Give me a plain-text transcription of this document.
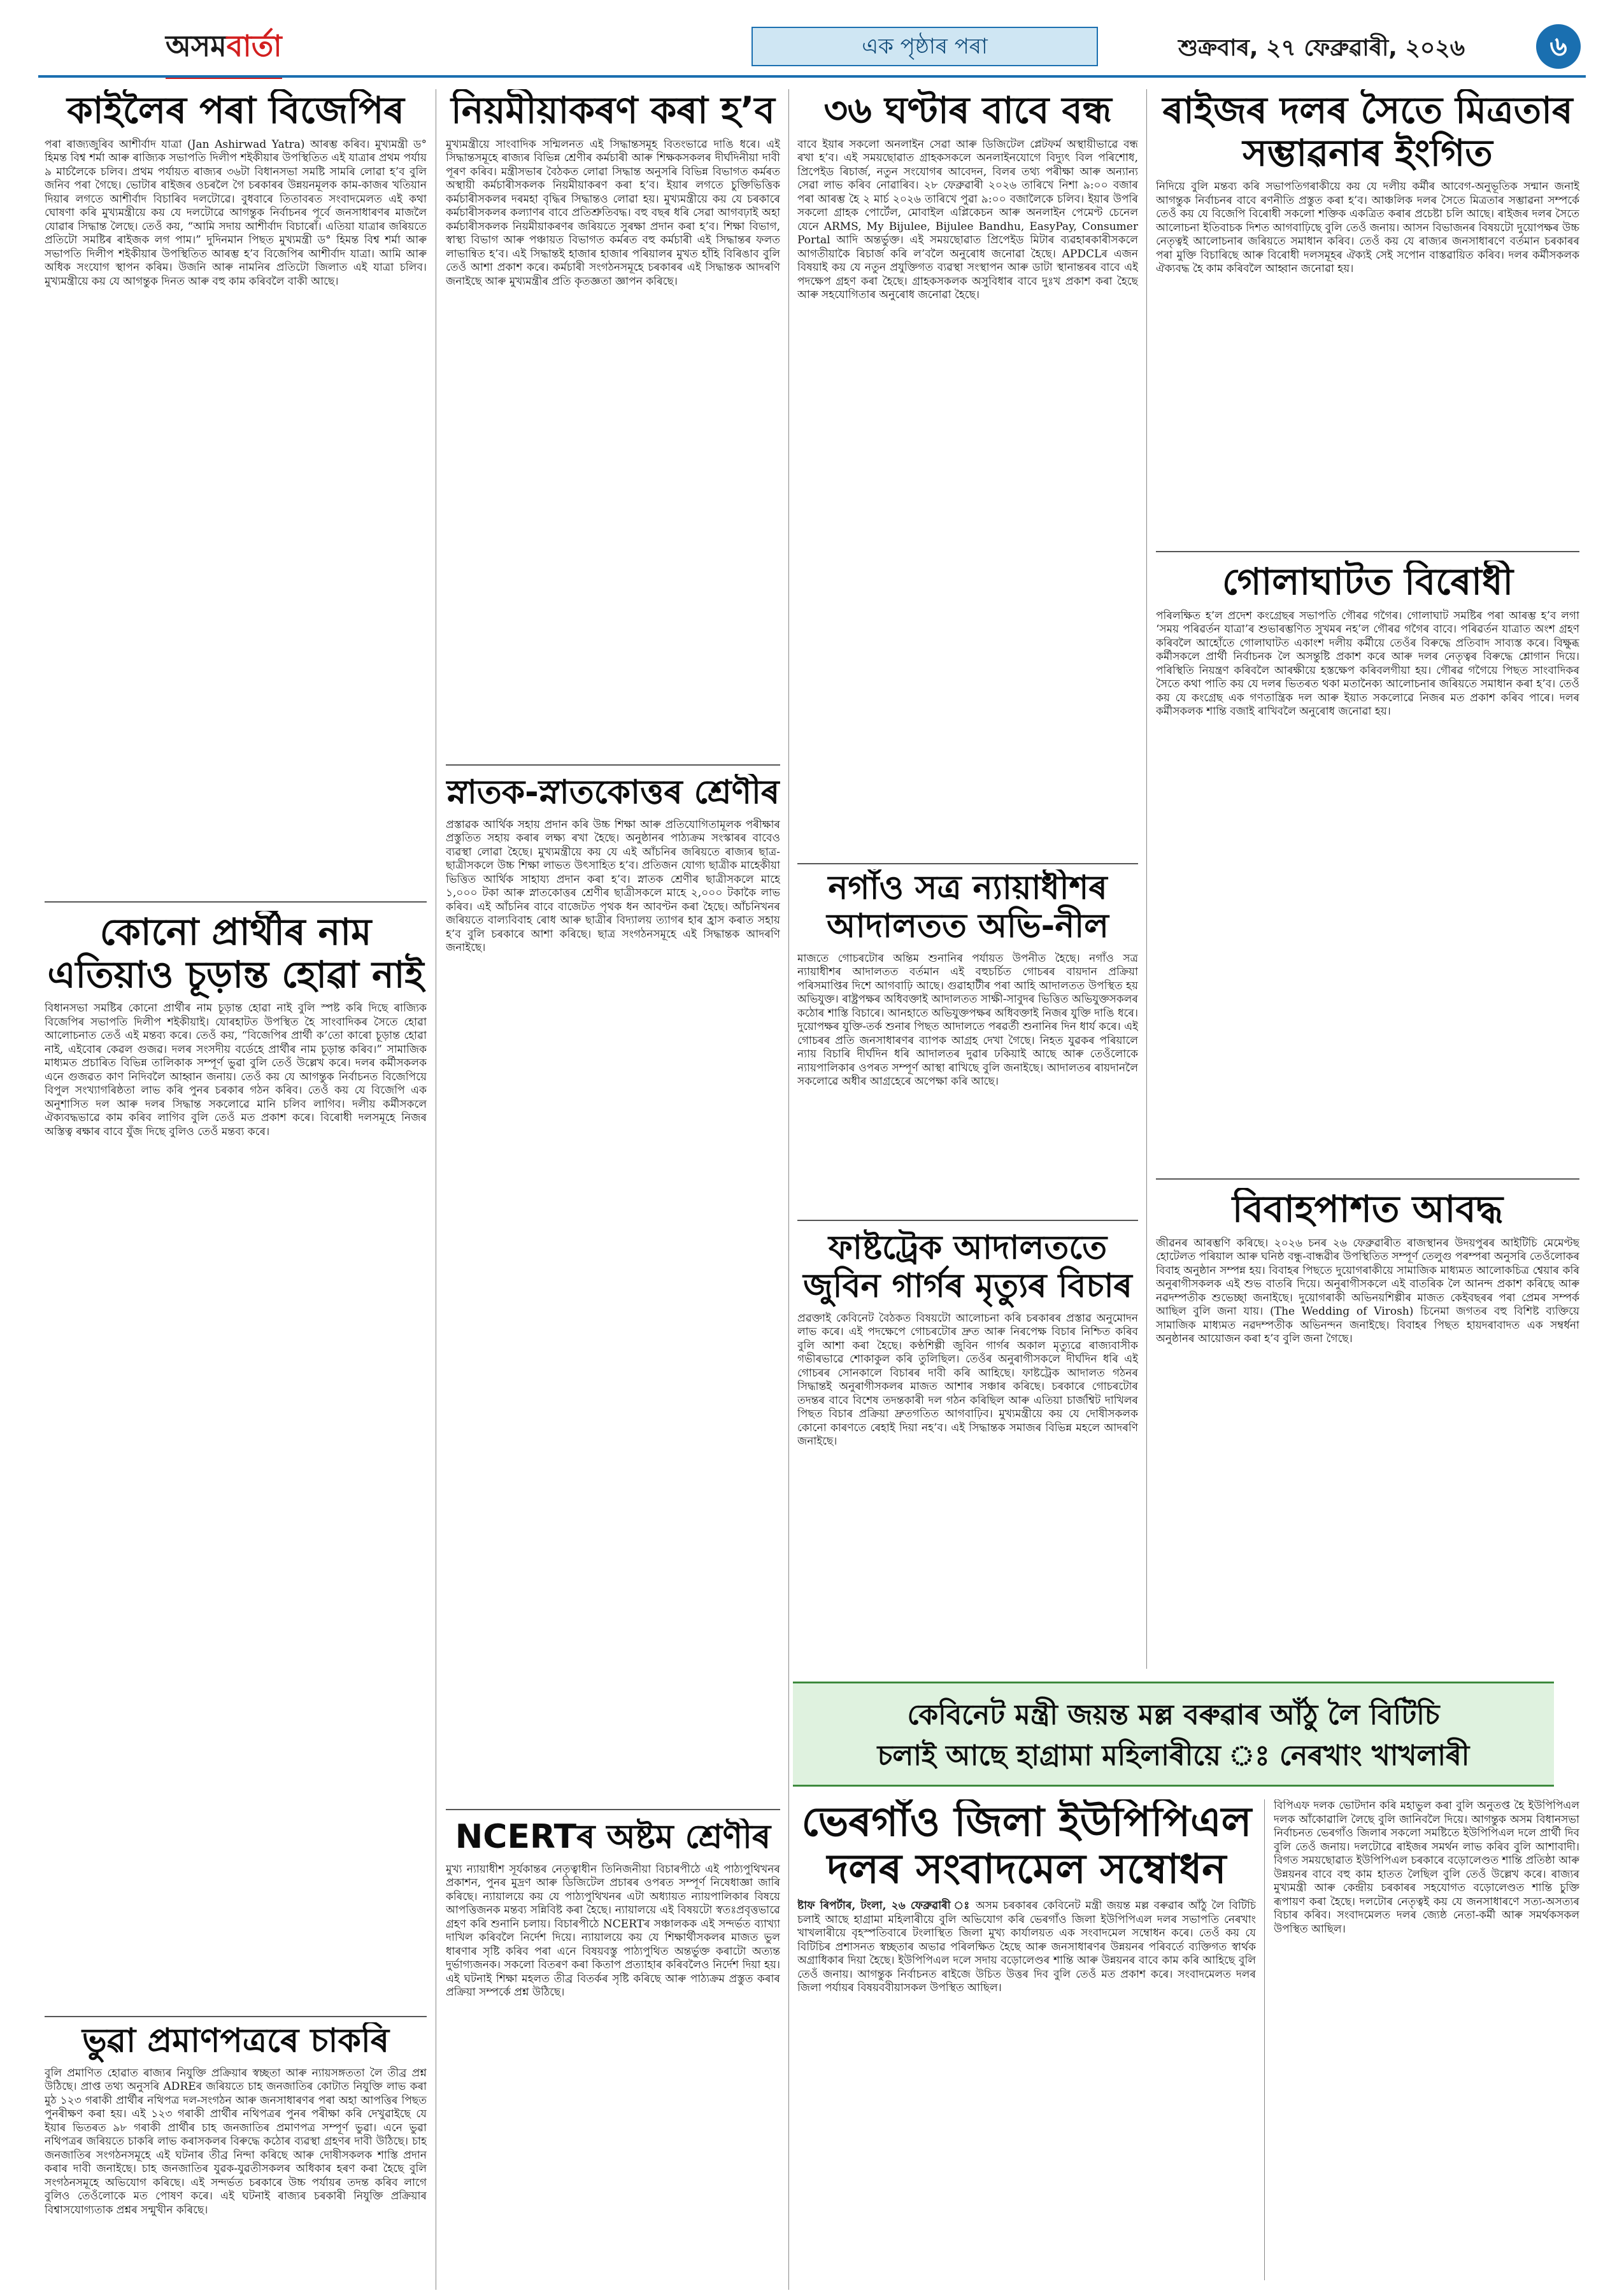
অসমবাৰ্তা	এক পৃষ্ঠাৰ পৰা	শুক্ৰবাৰ, ২৭ ফেব্ৰুৱাৰী, ২০২৬	৬
কাইলৈৰ পৰা বিজেপিৰ

পৰা ৰাজ্যজুৰিব আশীৰ্বাদ যাত্ৰা (Jan Ashirwad Yatra) আৰম্ভ কৰিব। মুখ্যমন্ত্ৰী ড° হিমন্ত বিশ্ব শৰ্মা আৰু ৰাজ্যিক সভাপতি দিলীপ শইকীয়াৰ উপস্থিতিত এই যাত্ৰাৰ প্ৰথম পৰ্যায় ৯ মাৰ্চলৈকে চলিব। প্ৰথম পৰ্যায়ত ৰাজ্যৰ ৩৬টা বিধানসভা সমষ্টি সামৰি লোৱা হ’ব বুলি জনিব পৰা গৈছে। ভোটাৰ ৰাইজৰ ওচৰলৈ গৈ চৰকাৰৰ উন্নয়নমূলক কাম-কাজৰ খতিয়ান দিয়াৰ লগতে আশীৰ্বাদ বিচাৰিব দলটোৱে। বুধবাৰে তিতাবৰত সংবাদমেলত এই কথা ঘোষণা কৰি মুখ্যমন্ত্ৰীয়ে কয় যে দলটোৱে আগন্তুক নিৰ্বাচনৰ পূৰ্বে জনসাধাৰণৰ মাজলৈ যোৱাৰ সিদ্ধান্ত লৈছে। তেওঁ কয়, “আমি সদায় আশীৰ্বাদ বিচাৰোঁ। এতিয়া যাত্ৰাৰ জৰিয়তে প্ৰতিটো সমষ্টিৰ ৰাইজক লগ পাম।” দুদিনমান পিছত মুখ্যমন্ত্ৰী ড° হিমন্ত বিশ্ব শৰ্মা আৰু সভাপতি দিলীপ শইকীয়াৰ উপস্থিতিত আৰম্ভ হ’ব বিজেপিৰ আশীৰ্বাদ যাত্ৰা। আমি আৰু অধিক সংযোগ স্থাপন কৰিম। উজনি আৰু নামনিৰ প্ৰতিটো জিলাত এই যাত্ৰা চলিব। মুখ্যমন্ত্ৰীয়ে কয় যে আগন্তুক দিনত আৰু বহু কাম কৰিবলৈ বাকী আছে।

কোনো প্ৰাৰ্থীৰ নাম এতিয়াও চূড়ান্ত হোৱা নাই

বিধানসভা সমষ্টিৰ কোনো প্ৰাৰ্থীৰ নাম চূড়ান্ত হোৱা নাই বুলি স্পষ্ট কৰি দিছে ৰাজ্যিক বিজেপিৰ সভাপতি দিলীপ শইকীয়াই। যোৰহাটত উপস্থিত হৈ সাংবাদিকৰ সৈতে হোৱা আলোচনাত তেওঁ এই মন্তব্য কৰে। তেওঁ কয়, “বিজেপিৰ প্ৰাৰ্থী ক’তো কাৰো চূড়ান্ত হোৱা নাই, এইবোৰ কেৱল গুজৱ। দলৰ সংসদীয় বৰ্ডেহে প্ৰাৰ্থীৰ নাম চূড়ান্ত কৰিব।” সামাজিক মাধ্যমত প্ৰচাৰিত বিভিন্ন তালিকাক সম্পূৰ্ণ ভুৱা বুলি তেওঁ উল্লেখ কৰে। দলৰ কৰ্মীসকলক এনে গুজৱত কাণ নিদিবলৈ আহ্বান জনায়। তেওঁ কয় যে আগন্তুক নিৰ্বাচনত বিজেপিয়ে বিপুল সংখ্যাগৰিষ্ঠতা লাভ কৰি পুনৰ চৰকাৰ গঠন কৰিব। তেওঁ কয় যে বিজেপি এক অনুশাসিত দল আৰু দলৰ সিদ্ধান্ত সকলোৱে মানি চলিব লাগিব। দলীয় কৰ্মীসকলে ঐক্যবদ্ধভাৱে কাম কৰিব লাগিব বুলি তেওঁ মত প্ৰকাশ কৰে। বিৰোধী দলসমূহে নিজৰ অস্তিত্ব ৰক্ষাৰ বাবে যুঁজ দিছে বুলিও তেওঁ মন্তব্য কৰে।

ভুৱা প্ৰমাণপত্ৰৰে চাকৰি

বুলি প্ৰমাণিত হোৱাত ৰাজ্যৰ নিযুক্তি প্ৰক্ৰিয়াৰ স্বচ্ছতা আৰু ন্যায়সঙ্গততা লৈ তীব্ৰ প্ৰশ্ন উঠিছে। প্ৰাপ্ত তথ্য অনুসৰি ADREৰ জৰিয়তে চাহ জনজাতিৰ কোটাত নিযুক্তি লাভ কৰা মুঠ ১২৩ গৰাকী প্ৰাৰ্থীৰ নথিপত্ৰ দল-সংগঠন আৰু জনসাধাৰণৰ পৰা অহা আপত্তিৰ পিছত পুনৰীক্ষণ কৰা হয়। এই ১২৩ গৰাকী প্ৰাৰ্থীৰ নথিপত্ৰৰ পুনৰ পৰীক্ষা কৰি দেখুৱাইছে যে ইয়াৰ ভিতৰত ৯৮ গৰাকী প্ৰাৰ্থীৰ চাহ জনজাতিৰ প্ৰমাণপত্ৰ সম্পূৰ্ণ ভুৱা। এনে ভুৱা নথিপত্ৰৰ জৰিয়তে চাকৰি লাভ কৰাসকলৰ বিৰুদ্ধে কঠোৰ ব্যৱস্থা গ্ৰহণৰ দাবী উঠিছে। চাহ জনজাতিৰ সংগঠনসমূহে এই ঘটনাৰ তীব্ৰ নিন্দা কৰিছে আৰু দোষীসকলক শাস্তি প্ৰদান কৰাৰ দাবী জনাইছে। চাহ জনজাতিৰ যুৱক-যুৱতীসকলৰ অধিকাৰ হৰণ কৰা হৈছে বুলি সংগঠনসমূহে অভিযোগ কৰিছে। এই সন্দৰ্ভত চৰকাৰে উচ্চ পৰ্যায়ৰ তদন্ত কৰিব লাগে বুলিও তেওঁলোকে মত পোষণ কৰে। এই ঘটনাই ৰাজ্যৰ চৰকাৰী নিযুক্তি প্ৰক্ৰিয়াৰ বিশ্বাসযোগ্যতাক প্ৰশ্নৰ সন্মুখীন কৰিছে।

নিয়মীয়াকৰণ কৰা হ’ব

মুখ্যমন্ত্ৰীয়ে সাংবাদিক সন্মিলনত এই সিদ্ধান্তসমূহ বিতংভাৱে দাঙি ধৰে। এই সিদ্ধান্তসমূহে ৰাজ্যৰ বিভিন্ন শ্ৰেণীৰ কৰ্মচাৰী আৰু শিক্ষকসকলৰ দীৰ্ঘদিনীয়া দাবী পূৰণ কৰিব। মন্ত্ৰীসভাৰ বৈঠকত লোৱা সিদ্ধান্ত অনুসৰি বিভিন্ন বিভাগত কৰ্মৰত অস্থায়ী কৰ্মচাৰীসকলক নিয়মীয়াকৰণ কৰা হ’ব। ইয়াৰ লগতে চুক্তিভিত্তিক কৰ্মচাৰীসকলৰ দৰমহা বৃদ্ধিৰ সিদ্ধান্তও লোৱা হয়। মুখ্যমন্ত্ৰীয়ে কয় যে চৰকাৰে কৰ্মচাৰীসকলৰ কল্যাণৰ বাবে প্ৰতিশ্ৰুতিবদ্ধ। বহু বছৰ ধৰি সেৱা আগবঢ়াই অহা কৰ্মচাৰীসকলক নিয়মীয়াকৰণৰ জৰিয়তে সুৰক্ষা প্ৰদান কৰা হ’ব। শিক্ষা বিভাগ, স্বাস্থ্য বিভাগ আৰু পঞ্চায়ত বিভাগত কৰ্মৰত বহু কৰ্মচাৰী এই সিদ্ধান্তৰ ফলত লাভান্বিত হ’ব। এই সিদ্ধান্তই হাজাৰ হাজাৰ পৰিয়ালৰ মুখত হাঁহি বিৰিঙাব বুলি তেওঁ আশা প্ৰকাশ কৰে। কৰ্মচাৰী সংগঠনসমূহে চৰকাৰৰ এই সিদ্ধান্তক আদৰণি জনাইছে আৰু মুখ্যমন্ত্ৰীৰ প্ৰতি কৃতজ্ঞতা জ্ঞাপন কৰিছে।

স্নাতক-স্নাতকোত্তৰ শ্ৰেণীৰ

প্ৰস্তাৱক আৰ্থিক সহায় প্ৰদান কৰি উচ্চ শিক্ষা আৰু প্ৰতিযোগিতামূলক পৰীক্ষাৰ প্ৰস্তুতিত সহায় কৰাৰ লক্ষ্য ৰখা হৈছে। অনুষ্ঠানৰ পাঠ্যক্ৰম সংস্কাৰৰ বাবেও ব্যৱস্থা লোৱা হৈছে। মুখ্যমন্ত্ৰীয়ে কয় যে এই আঁচনিৰ জৰিয়তে ৰাজ্যৰ ছাত্ৰ-ছাত্ৰীসকলে উচ্চ শিক্ষা লাভত উৎসাহিত হ’ব। প্ৰতিজন যোগ্য ছাত্ৰীক মাহেকীয়া ভিত্তিত আৰ্থিক সাহায্য প্ৰদান কৰা হ’ব। স্নাতক শ্ৰেণীৰ ছাত্ৰীসকলে মাহে ১,০০০ টকা আৰু স্নাতকোত্তৰ শ্ৰেণীৰ ছাত্ৰীসকলে মাহে ২,০০০ টকাকৈ লাভ কৰিব। এই আঁচনিৰ বাবে বাজেটত পৃথক ধন আবণ্টন কৰা হৈছে। আঁচনিখনৰ জৰিয়তে বাল্যবিবাহ ৰোধ আৰু ছাত্ৰীৰ বিদ্যালয় ত্যাগৰ হাৰ হ্ৰাস কৰাত সহায় হ’ব বুলি চৰকাৰে আশা কৰিছে। ছাত্ৰ সংগঠনসমূহে এই সিদ্ধান্তক আদৰণি জনাইছে।

NCERTৰ অষ্টম শ্ৰেণীৰ

মুখ্য ন্যায়াধীশ সূৰ্যকান্তৰ নেতৃত্বাধীন তিনিজনীয়া বিচাৰপীঠে এই পাঠ্যপুথিখনৰ প্ৰকাশন, পুনৰ মুদ্ৰণ আৰু ডিজিটেল প্ৰচাৰৰ ওপৰত সম্পূৰ্ণ নিষেধাজ্ঞা জাৰি কৰিছে। ন্যায়ালয়ে কয় যে পাঠ্যপুথিখনৰ এটা অধ্যায়ত ন্যায়পালিকাৰ বিষয়ে আপত্তিজনক মন্তব্য সন্নিবিষ্ট কৰা হৈছে। ন্যায়ালয়ে এই বিষয়টো স্বতঃপ্ৰবৃত্তভাৱে গ্ৰহণ কৰি শুনানি চলায়। বিচাৰপীঠে NCERTৰ সঞ্চালকক এই সন্দৰ্ভত ব্যাখ্যা দাখিল কৰিবলৈ নিৰ্দেশ দিয়ে। ন্যায়ালয়ে কয় যে শিক্ষাৰ্থীসকলৰ মাজত ভুল ধাৰণাৰ সৃষ্টি কৰিব পৰা এনে বিষয়বস্তু পাঠ্যপুথিত অন্তৰ্ভুক্ত কৰাটো অত্যন্ত দুৰ্ভাগ্যজনক। সকলো বিতৰণ কৰা কিতাপ প্ৰত্যাহাৰ কৰিবলৈও নিৰ্দেশ দিয়া হয়। এই ঘটনাই শিক্ষা মহলত তীব্ৰ বিতৰ্কৰ সৃষ্টি কৰিছে আৰু পাঠ্যক্ৰম প্ৰস্তুত কৰাৰ প্ৰক্ৰিয়া সম্পৰ্কে প্ৰশ্ন উঠিছে।

৩৬ ঘণ্টাৰ বাবে বন্ধ

বাবে ইয়াৰ সকলো অনলাইন সেৱা আৰু ডিজিটেল প্লেটফৰ্ম অস্থায়ীভাৱে বন্ধ ৰখা হ’ব। এই সময়ছোৱাত গ্ৰাহকসকলে অনলাইনযোগে বিদ্যুৎ বিল পৰিশোধ, প্ৰিপেইড ৰিচাৰ্জ, নতুন সংযোগৰ আবেদন, বিলৰ তথ্য পৰীক্ষা আৰু অন্যান্য সেৱা লাভ কৰিব নোৱাৰিব। ২৮ ফেব্ৰুৱাৰী ২০২৬ তাৰিখে নিশা ৯:০০ বজাৰ পৰা আৰম্ভ হৈ ২ মাৰ্চ ২০২৬ তাৰিখে পুৱা ৯:০০ বজালৈকে চলিব। ইয়াৰ উপৰি সকলো গ্ৰাহক পোৰ্টেল, মোবাইল এপ্লিকেচন আৰু অনলাইন পেমেণ্ট চেনেল যেনে ARMS, My Bijulee, Bijulee Bandhu, EasyPay, Consumer Portal আদি অন্তৰ্ভুক্ত। এই সময়ছোৱাত প্ৰিপেইড মিটাৰ ব্যৱহাৰকাৰীসকলে আগতীয়াকৈ ৰিচাৰ্জ কৰি ল’বলৈ অনুৰোধ জনোৱা হৈছে। APDCLৰ এজন বিষয়াই কয় যে নতুন প্ৰযুক্তিগত ব্যৱস্থা সংস্থাপন আৰু ডাটা স্থানান্তৰৰ বাবে এই পদক্ষেপ গ্ৰহণ কৰা হৈছে। গ্ৰাহকসকলক অসুবিধাৰ বাবে দুঃখ প্ৰকাশ কৰা হৈছে আৰু সহযোগিতাৰ অনুৰোধ জনোৱা হৈছে।

নগাঁও সত্ৰ ন্যায়াধীশৰ আদালতত অভি-নীল

মাজতে গোচৰটোৰ অন্তিম শুনানিৰ পৰ্যায়ত উপনীত হৈছে। নগাঁও সত্ৰ ন্যায়াধীশৰ আদালতত বৰ্তমান এই বহুচৰ্চিত গোচৰৰ বায়দান প্ৰক্ৰিয়া পৰিসমাপ্তিৰ দিশে আগবাঢ়ি আছে। গুৱাহাটীৰ পৰা আহি আদালতত উপস্থিত হয় অভিযুক্ত। ৰাষ্ট্ৰপক্ষৰ অধিবক্তাই আদালতত সাক্ষী-সাবুদৰ ভিত্তিত অভিযুক্তসকলৰ কঠোৰ শাস্তি বিচাৰে। আনহাতে অভিযুক্তপক্ষৰ অধিবক্তাই নিজৰ যুক্তি দাঙি ধৰে। দুয়োপক্ষৰ যুক্তি-তৰ্ক শুনাৰ পিছত আদালতে পৰৱৰ্তী শুনানিৰ দিন ধাৰ্য কৰে। এই গোচৰৰ প্ৰতি জনসাধাৰণৰ ব্যাপক আগ্ৰহ দেখা গৈছে। নিহত যুৱকৰ পৰিয়ালে ন্যায় বিচাৰি দীৰ্ঘদিন ধৰি আদালতৰ দুৱাৰ ঢকিয়াই আছে আৰু তেওঁলোকে ন্যায়পালিকাৰ ওপৰত সম্পূৰ্ণ আস্থা ৰাখিছে বুলি জনাইছে। আদালতৰ ৰায়দানলৈ সকলোৱে অধীৰ আগ্ৰহেৰে অপেক্ষা কৰি আছে।

ফাষ্টট্ৰেক আদালততে জুবিন গাৰ্গৰ মৃত্যুৰ বিচাৰ

প্ৰৱক্তাই কেবিনেট বৈঠকত বিষয়টো আলোচনা কৰি চৰকাৰৰ প্ৰস্তাৱ অনুমোদন লাভ কৰে। এই পদক্ষেপে গোচৰটোৰ দ্ৰুত আৰু নিৰপেক্ষ বিচাৰ নিশ্চিত কৰিব বুলি আশা কৰা হৈছে। কণ্ঠশিল্পী জুবিন গাৰ্গৰ অকাল মৃত্যুৱে ৰাজ্যবাসীক গভীৰভাৱে শোকাকুল কৰি তুলিছিল। তেওঁৰ অনুৰাগীসকলে দীৰ্ঘদিন ধৰি এই গোচৰৰ সোনকালে বিচাৰৰ দাবী কৰি আহিছে। ফাষ্টট্ৰেক আদালত গঠনৰ সিদ্ধান্তই অনুৰাগীসকলৰ মাজত আশাৰ সঞ্চাৰ কৰিছে। চৰকাৰে গোচৰটোৰ তদন্তৰ বাবে বিশেষ তদন্তকাৰী দল গঠন কৰিছিল আৰু এতিয়া চাৰ্জশ্বিট দাখিলৰ পিছত বিচাৰ প্ৰক্ৰিয়া দ্ৰুতগতিত আগবাঢ়িব। মুখ্যমন্ত্ৰীয়ে কয় যে দোষীসকলক কোনো কাৰণতে ৰেহাই দিয়া নহ’ব। এই সিদ্ধান্তক সমাজৰ বিভিন্ন মহলে আদৰণি জনাইছে।

ৰাইজৰ দলৰ সৈতে মিত্ৰতাৰ সম্ভাৱনাৰ ইংগিত

নিদিয়ে বুলি মন্তব্য কৰি সভাপতিগৰাকীয়ে কয় যে দলীয় কৰ্মীৰ আবেগ-অনুভূতিক সন্মান জনাই আগন্তুক নিৰ্বাচনৰ বাবে ৰণনীতি প্ৰস্তুত কৰা হ’ব। আঞ্চলিক দলৰ সৈতে মিত্ৰতাৰ সম্ভাৱনা সম্পৰ্কে তেওঁ কয় যে বিজেপি বিৰোধী সকলো শক্তিক একত্ৰিত কৰাৰ প্ৰচেষ্টা চলি আছে। ৰাইজৰ দলৰ সৈতে আলোচনা ইতিবাচক দিশত আগবাঢ়িছে বুলি তেওঁ জনায়। আসন বিভাজনৰ বিষয়টো দুয়োপক্ষৰ উচ্চ নেতৃত্বই আলোচনাৰ জৰিয়তে সমাধান কৰিব। তেওঁ কয় যে ৰাজ্যৰ জনসাধাৰণে বৰ্তমান চৰকাৰৰ পৰা মুক্তি বিচাৰিছে আৰু বিৰোধী দলসমূহৰ ঐক্যই সেই সপোন বাস্তৱায়িত কৰিব। দলৰ কৰ্মীসকলক ঐক্যবদ্ধ হৈ কাম কৰিবলৈ আহ্বান জনোৱা হয়।

গোলাঘাটত বিৰোধী

পৰিলক্ষিত হ’ল প্ৰদেশ কংগ্ৰেছৰ সভাপতি গৌৰৱ গগৈৰ। গোলাঘাট সমষ্টিৰ পৰা আৰম্ভ হ’ব লগা ‘সময় পৰিৱৰ্তন যাত্ৰা’ৰ শুভাৰম্ভণিত সুখমৰ নহ’ল গৌৰৱ গগৈৰ বাবে। পৰিৱৰ্তন যাত্ৰাত অংশ গ্ৰহণ কৰিবলৈ আহোঁতে গোলাঘাটত একাংশ দলীয় কৰ্মীয়ে তেওঁৰ বিৰুদ্ধে প্ৰতিবাদ সাব্যস্ত কৰে। বিক্ষুব্ধ কৰ্মীসকলে প্ৰাৰ্থী নিৰ্বাচনক লৈ অসন্তুষ্টি প্ৰকাশ কৰে আৰু দলৰ নেতৃত্বৰ বিৰুদ্ধে শ্লোগান দিয়ে। পৰিস্থিতি নিয়ন্ত্ৰণ কৰিবলৈ আৰক্ষীয়ে হস্তক্ষেপ কৰিবলগীয়া হয়। গৌৰৱ গগৈয়ে পিছত সাংবাদিকৰ সৈতে কথা পাতি কয় যে দলৰ ভিতৰত থকা মতানৈক্য আলোচনাৰ জৰিয়তে সমাধান কৰা হ’ব। তেওঁ কয় যে কংগ্ৰেছ এক গণতান্ত্ৰিক দল আৰু ইয়াত সকলোৱে নিজৰ মত প্ৰকাশ কৰিব পাৰে। দলৰ কৰ্মীসকলক শান্তি বজাই ৰাখিবলৈ অনুৰোধ জনোৱা হয়।

বিবাহপাশত আবদ্ধ

জীৱনৰ আৰম্ভণি কৰিছে। ২০২৬ চনৰ ২৬ ফেব্ৰুৱাৰীত ৰাজস্থানৰ উদয়পুৰৰ আইটিচি মেমেণ্টছ হোটেলত পৰিয়াল আৰু ঘনিষ্ঠ বন্ধু-বান্ধৱীৰ উপস্থিতিত সম্পূৰ্ণ তেলুগু পৰম্পৰা অনুসৰি তেওঁলোকৰ বিবাহ অনুষ্ঠান সম্পন্ন হয়। বিবাহৰ পিছতে দুয়োগৰাকীয়ে সামাজিক মাধ্যমত আলোকচিত্ৰ শ্বেয়াৰ কৰি অনুৰাগীসকলক এই শুভ বাতৰি দিয়ে। অনুৰাগীসকলে এই বাতৰিক লৈ আনন্দ প্ৰকাশ কৰিছে আৰু নৱদম্পতীক শুভেচ্ছা জনাইছে। দুয়োগৰাকী অভিনয়শিল্পীৰ মাজত কেইবছৰৰ পৰা প্ৰেমৰ সম্পৰ্ক আছিল বুলি জনা যায়। (The Wedding of Virosh) চিনেমা জগতৰ বহু বিশিষ্ট ব্যক্তিয়ে সামাজিক মাধ্যমত নৱদম্পতীক অভিনন্দন জনাইছে। বিবাহৰ পিছত হায়দৰাবাদত এক সম্বৰ্ধনা অনুষ্ঠানৰ আয়োজন কৰা হ’ব বুলি জনা গৈছে।

কেবিনেট মন্ত্ৰী জয়ন্ত মল্ল বৰুৱাৰ আঁঠু লৈ বিটিচি
চলাই আছে হাগ্ৰামা মহিলাৰীয়ে ঃ নেৰখাং খাখলাৰী
ভেৰগাঁও জিলা ইউপিপিএল দলৰ সংবাদমেল সম্বোধন

ষ্টাফ ৰিপৰ্টাৰ, টংলা, ২৬ ফেব্ৰুৱাৰী ঃ অসম চৰকাৰৰ কেবিনেট মন্ত্ৰী জয়ন্ত মল্ল বৰুৱাৰ আঁঠু লৈ বিটিচি চলাই আছে হাগ্ৰামা মহিলাৰীয়ে বুলি অভিযোগ কৰি ভেৰগাঁও জিলা ইউপিপিএল দলৰ সভাপতি নেৰখাং খাখলাৰীয়ে বৃহস্পতিবাৰে টংলাস্থিত জিলা মুখ্য কাৰ্যালয়ত এক সংবাদমেল সম্বোধন কৰে। তেওঁ কয় যে বিটিচিৰ প্ৰশাসনত স্বচ্ছতাৰ অভাৱ পৰিলক্ষিত হৈছে আৰু জনসাধাৰণৰ উন্নয়নৰ পৰিবৰ্তে ব্যক্তিগত স্বাৰ্থক অগ্ৰাধিকাৰ দিয়া হৈছে। ইউপিপিএল দলে সদায় বড়োলেণ্ডৰ শান্তি আৰু উন্নয়নৰ বাবে কাম কৰি আহিছে বুলি তেওঁ জনায়। আগন্তুক নিৰ্বাচনত ৰাইজে উচিত উত্তৰ দিব বুলি তেওঁ মত প্ৰকাশ কৰে। সংবাদমেলত দলৰ জিলা পৰ্যায়ৰ বিষয়ববীয়াসকল উপস্থিত আছিল।

বিপিএফ দলক ভোটদান কৰি মহাভুল কৰা বুলি অনুতপ্ত হৈ ইউপিপিএল দলক আঁকোৱালি লৈছে বুলি জানিবলৈ দিয়ে। আগন্তুক অসম বিধানসভা নিৰ্বাচনত ভেৰগাঁও জিলাৰ সকলো সমষ্টিতে ইউপিপিএল দলে প্ৰাৰ্থী দিব বুলি তেওঁ জনায়। দলটোৱে ৰাইজৰ সমৰ্থন লাভ কৰিব বুলি আশাবাদী। বিগত সময়ছোৱাত ইউপিপিএল চৰকাৰে বড়োলেণ্ডত শান্তি প্ৰতিষ্ঠা আৰু উন্নয়নৰ বাবে বহু কাম হাতত লৈছিল বুলি তেওঁ উল্লেখ কৰে। ৰাজ্যৰ মুখ্যমন্ত্ৰী আৰু কেন্দ্ৰীয় চৰকাৰৰ সহযোগত বড়োলেণ্ডত শান্তি চুক্তি ৰূপায়ণ কৰা হৈছে। দলটোৰ নেতৃত্বই কয় যে জনসাধাৰণে সত্য-অসত্যৰ বিচাৰ কৰিব। সংবাদমেলত দলৰ জ্যেষ্ঠ নেতা-কৰ্মী আৰু সমৰ্থকসকল উপস্থিত আছিল।
